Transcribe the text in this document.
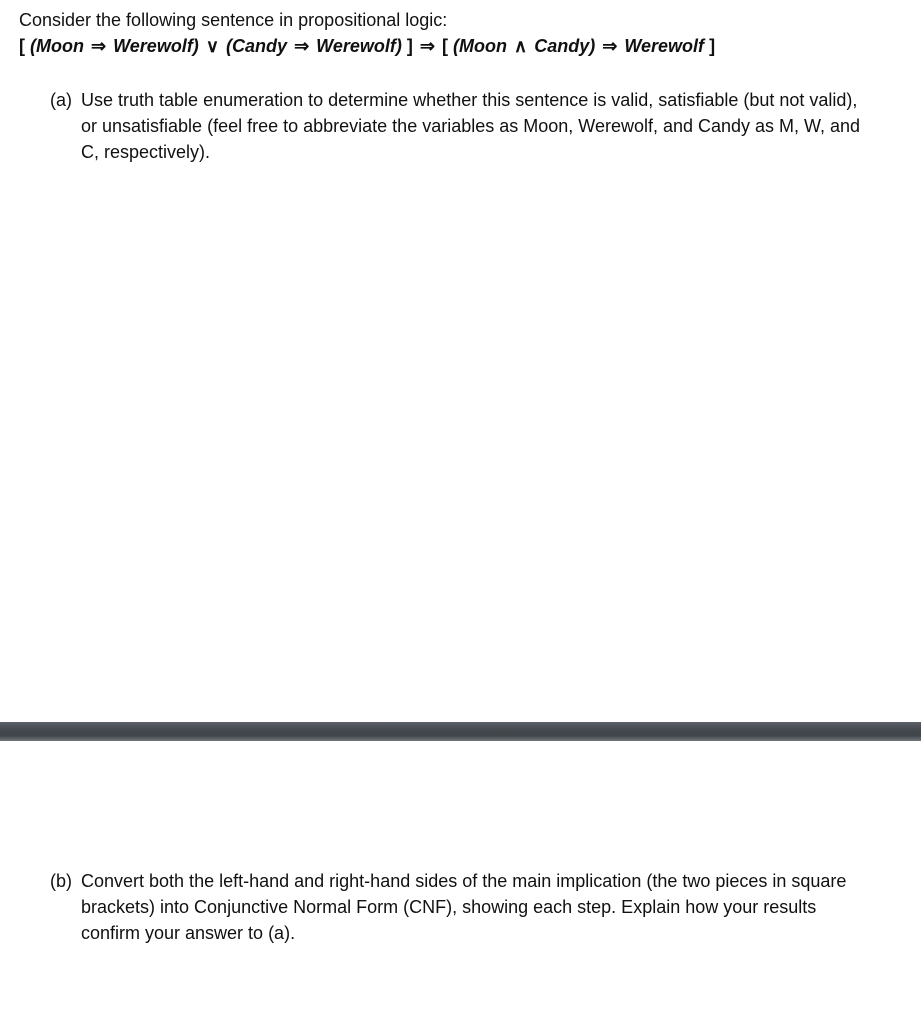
Consider the following sentence in propositional logic:
[ (Moon ⇒ Werewolf) ∨ (Candy ⇒ Werewolf) ] ⇒ [ (Moon ∧ Candy) ⇒ Werewolf ]
(a) Use truth table enumeration to determine whether this sentence is valid, satisfiable (but not valid), or unsatisfiable (feel free to abbreviate the variables as Moon, Werewolf, and Candy as M, W, and C, respectively).
(b) Convert both the left-hand and right-hand sides of the main implication (the two pieces in square brackets) into Conjunctive Normal Form (CNF), showing each step. Explain how your results confirm your answer to (a).
